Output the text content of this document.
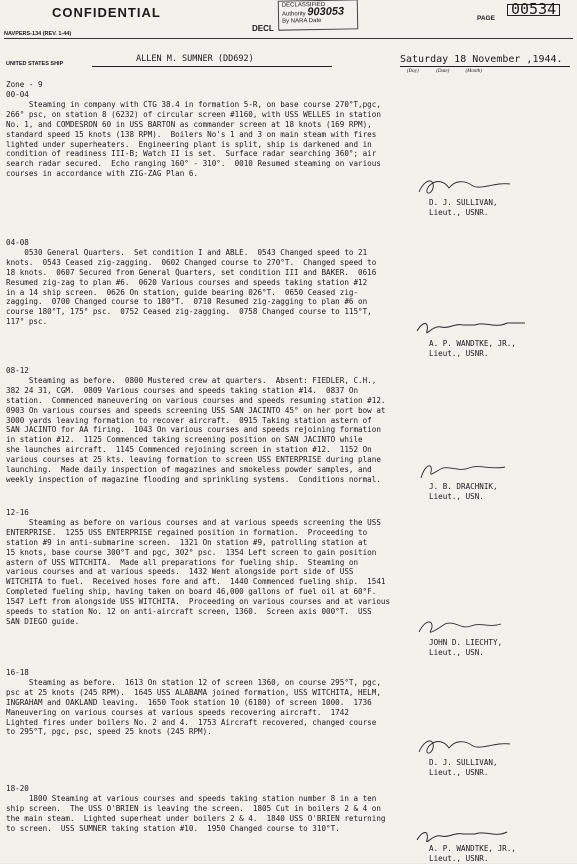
CONFIDENTIAL
NAVPERS-134 (REV. 1-44)
DECLASSIFIED
Authority 903053
By NARA Date
DECL
PAGE
00534
UNITED STATES SHIP	ALLEN M. SUMNER (DD692)	Saturday 18 November ,1944.
(Day)	(Date)	(Month)
Zone - 9
00-04
Steaming in company with CTG 38.4 in formation 5-R, on base course 270°T,pgc,
266° psc, on station 8 (6232) of circular screen #1160, with USS WELLES in station
No. 1, and COMDESRON 60 in USS BARTON as commander screen at 18 knots (169 RPM),
standard speed 15 knots (138 RPM).  Boilers No's 1 and 3 on main steam with fires
lighted under superheaters.  Engineering plant is split, ship is darkened and in
condition of readiness III-B; Watch II is set.  Surface radar searching 360°; air
search radar secured.  Echo ranging 160° - 310°.  0010 Resumed steaming on various
courses in accordance with ZIG-ZAG Plan 6.
D. J. SULLIVAN,
Lieut., USNR.
04-08
0530 General Quarters.  Set condition I and ABLE.  0543 Changed speed to 21
knots.  0543 Ceased zig-zagging.  0602 Changed course to 270°T.  Changed speed to
18 knots.  0607 Secured from General Quarters, set condition III and BAKER.  0616
Resumed zig-zag to plan #6.  0620 Various courses and speeds taking station #12
in a 14 ship screen.  0626 On station, guide bearing 026°T.  0650 Ceased zig-
zagging.  0700 Changed course to 180°T.  0710 Resumed zig-zagging to plan #6 on
course 180°T, 175° psc.  0752 Ceased zig-zagging.  0758 Changed course to 115°T,
117° psc.
A. P. WANDTKE, JR.,
Lieut., USNR.
08-12
Steaming as before.  0800 Mustered crew at quarters.  Absent: FIEDLER, C.H.,
382 24 31, CGM.  0809 Various courses and speeds taking station #14.  0837 On
station.  Commenced maneuvering on various courses and speeds resuming station #12.
0903 On various courses and speeds screening USS SAN JACINTO 45° on her port bow at
3000 yards leaving formation to recover aircraft.  0915 Taking station astern of
SAN JACINTO for AA firing.  1043 On various courses and speeds rejoining formation
in station #12.  1125 Commenced taking screening position on SAN JACINTO while
she launches aircraft.  1145 Commenced rejoining screen in station #12.  1152 On
various courses at 25 kts. leaving formation to screen USS ENTERPRISE during plane
launching.  Made daily inspection of magazines and smokeless powder samples, and
weekly inspection of magazine flooding and sprinkling systems.  Conditions normal.
J. B. DRACHNIK,
Lieut., USN.
12-16
Steaming as before on various courses and at various speeds screening the USS
ENTERPRISE.  1255 USS ENTERPRISE regained position in formation.  Proceeding to
station #9 in anti-submarine screen.  1321 On station #9, patrolling station at
15 knots, base course 300°T and pgc, 302° psc.  1354 Left screen to gain position
astern of USS WITCHITA.  Made all preparations for fueling ship.  Steaming on
various courses and at various speeds.  1432 Went alongside port side of USS
WITCHITA to fuel.  Received hoses fore and aft.  1440 Commenced fueling ship.  1541
Completed fueling ship, having taken on board 46,000 gallons of fuel oil at 60°F.
1547 Left from alongside USS WITCHITA.  Proceeding on various courses and at various
speeds to station No. 12 on anti-aircraft screen, 1360.  Screen axis 000°T.  USS
SAN DIEGO guide.
JOHN D. LIECHTY,
Lieut., USN.
16-18
Steaming as before.  1613 On station 12 of screen 1360, on course 295°T, pgc,
psc at 25 knots (245 RPM).  1645 USS ALABAMA joined formation, USS WITCHITA, HELM,
INGRAHAM and OAKLAND leaving.  1650 Took station 10 (6180) of screen 1000.  1736
Maneuvering on various courses at various speeds recovering aircraft.  1742
Lighted fires under boilers No. 2 and 4.  1753 Aircraft recovered, changed course
to 295°T, pgc, psc, speed 25 knots (245 RPM).
D. J. SULLIVAN,
Lieut., USNR.
18-20
1800 Steaming at various courses and speeds taking station number 8 in a ten
ship screen.  The USS O'BRIEN is leaving the screen.  1805 Cut in boilers 2 & 4 on
the main steam.  Lighted superheat under boilers 2 & 4.  1840 USS O'BRIEN returning
to screen.  USS SUMNER taking station #10.  1950 Changed course to 310°T.
A. P. WANDTKE, JR.,
Lieut., USNR.
